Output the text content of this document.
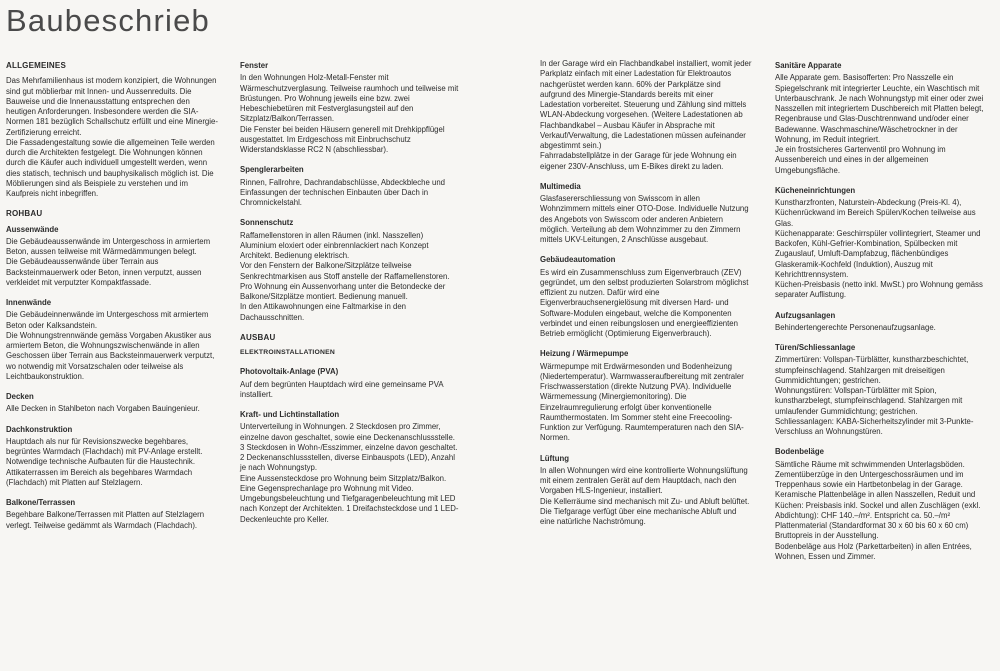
Baubeschrieb
ALLGEMEINES
Das Mehrfamilienhaus ist modern konzipiert, die Wohnungen sind gut möblierbar mit Innen- und Aussenreduits. Die Bauweise und die Innenausstattung entsprechen den heutigen Anforderungen. Insbesondere werden die SIA-Normen 181 bezüglich Schallschutz erfüllt und eine Minergie-Zertifizierung erreicht.
Die Fassadengestaltung sowie die allgemeinen Teile werden durch die Architekten festgelegt. Die Wohnungen können durch die Käufer auch individuell umgestellt werden, wenn dies statisch, technisch und bauphysikalisch möglich ist. Die Möblierungen sind als Beispiele zu verstehen und im Kaufpreis nicht inbegriffen.
ROHBAU
Aussenwände
Die Gebäudeaussenwände im Untergeschoss in armiertem Beton, aussen teilweise mit Wärmedämmungen belegt.
Die Gebäudeaussenwände über Terrain aus Backsteinmauerwerk oder Beton, innen verputzt, aussen verkleidet mit verputzter Kompaktfassade.
Innenwände
Die Gebäudeinnenwände im Untergeschoss mit armiertem Beton oder Kalksandstein.
Die Wohnungstrennwände gemäss Vorgaben Akustiker aus armiertem Beton, die Wohnungszwischenwände in allen Geschossen über Terrain aus Backsteinmauerwerk verputzt, wo notwendig mit Vorsatzschalen oder teilweise als Leichtbaukonstruktion.
Decken
Alle Decken in Stahlbeton nach Vorgaben Bauingenieur.
Dachkonstruktion
Hauptdach als nur für Revisionszwecke begehbares, begrüntes Warmdach (Flachdach) mit PV-Anlage erstellt. Notwendige technische Aufbauten für die Haustechnik. Attikaterrassen im Bereich als begehbares Warmdach (Flachdach) mit Platten auf Stelzlagern.
Balkone/Terrassen
Begehbare Balkone/Terrassen mit Platten auf Stelzlagern verlegt. Teilweise gedämmt als Warmdach (Flachdach).
Fenster
In den Wohnungen Holz-Metall-Fenster mit Wärmeschutzverglasung. Teilweise raumhoch und teilweise mit Brüstungen. Pro Wohnung jeweils eine bzw. zwei Hebeschiebetüren mit Festverglasungsteil auf den Sitzplatz/Balkon/Terrassen.
Die Fenster bei beiden Häusern generell mit Drehkippflügel ausgestattet. Im Erdgeschoss mit Einbruchschutz Widerstandsklasse RC2 N (abschliessbar).
Spenglerarbeiten
Rinnen, Fallrohre, Dachrandabschlüsse, Abdeckbleche und Einfassungen der technischen Einbauten über Dach in Chromnickelstahl.
Sonnenschutz
Raffamellenstoren in allen Räumen (inkl. Nasszellen) Aluminium eloxiert oder einbrennlackiert nach Konzept Architekt. Bedienung elektrisch.
Vor den Fenstern der Balkone/Sitzplätze teilweise Senkrechtmarkisen aus Stoff anstelle der Raffamellenstoren.
Pro Wohnung ein Aussenvorhang unter die Betondecke der Balkone/Sitzplätze montiert. Bedienung manuell.
In den Attikawohnungen eine Faltmarkise in den Dachausschnitten.
AUSBAU
ELEKTROINSTALLATIONEN
Photovoltaik-Anlage (PVA)
Auf dem begrünten Hauptdach wird eine gemeinsame PVA installiert.
Kraft- und Lichtinstallation
Unterverteilung in Wohnungen. 2 Steckdosen pro Zimmer, einzelne davon geschaltet, sowie eine Deckenanschlussstelle. 3 Steckdosen in Wohn-/Esszimmer, einzelne davon geschaltet. 2 Deckenanschlussstellen, diverse Einbauspots (LED), Anzahl je nach Wohnungstyp.
Eine Aussensteckdose pro Wohnung beim Sitzplatz/Balkon. Eine Gegensprechanlage pro Wohnung mit Video. Umgebungsbeleuchtung und Tiefgaragenbeleuchtung mit LED nach Konzept der Architekten. 1 Dreifachsteckdose und 1 LED-Deckenleuchte pro Keller.
In der Garage wird ein Flachbandkabel installiert, womit jeder Parkplatz einfach mit einer Ladestation für Elektroautos nachgerüstet werden kann. 60% der Parkplätze sind aufgrund des Minergie-Standards bereits mit einer Ladestation vorbereitet. Steuerung und Zählung sind mittels WLAN-Abdeckung vorgesehen. (Weitere Ladestationen ab Flachbandkabel – Ausbau Käufer in Absprache mit Verkauf/Verwaltung, die Ladestationen müssen aufeinander abgestimmt sein.)
Fahrradabstellplätze in der Garage für jede Wohnung ein eigener 230V-Anschluss, um E-Bikes direkt zu laden.
Multimedia
Glasfasererschliessung von Swisscom in allen Wohnzimmern mittels einer OTO-Dose. Individuelle Nutzung des Angebots von Swisscom oder anderen Anbietern möglich. Verteilung ab dem Wohnzimmer zu den Zimmern mittels UKV-Leitungen, 2 Anschlüsse ausgebaut.
Gebäudeautomation
Es wird ein Zusammenschluss zum Eigenverbrauch (ZEV) gegründet, um den selbst produzierten Solarstrom möglichst effizient zu nutzen. Dafür wird eine Eigenverbrauchsenergielösung mit diversen Hard- und Software-Modulen eingebaut, welche die Komponenten verbindet und einen reibungslosen und energieeffizienten Betrieb ermöglicht (Optimierung Eigenverbrauch).
Heizung / Wärmepumpe
Wärmepumpe mit Erdwärmesonden und Bodenheizung (Niedertemperatur). Warmwasseraufbereitung mit zentraler Frischwasserstation (direkte Nutzung PVA). Individuelle Wärmemessung (Minergiemonitoring). Die Einzelraumregulierung erfolgt über konventionelle Raumthermostaten. Im Sommer steht eine Freecooling-Funktion zur Verfügung. Raumtemperaturen nach den SIA-Normen.
Lüftung
In allen Wohnungen wird eine kontrollierte Wohnungslüftung mit einem zentralen Gerät auf dem Hauptdach, nach den Vorgaben HLS-Ingenieur, installiert.
Die Kellerräume sind mechanisch mit Zu- und Abluft belüftet. Die Tiefgarage verfügt über eine mechanische Abluft und eine natürliche Nachströmung.
Sanitäre Apparate
Alle Apparate gem. Basisofferten: Pro Nasszelle ein Spiegelschrank mit integrierter Leuchte, ein Waschtisch mit Unterbauschrank. Je nach Wohnungstyp mit einer oder zwei Nasszellen mit integriertem Duschbereich mit Platten belegt, Regenbrause und Glas-Duschtrennwand und/oder einer Badewanne. Waschmaschine/Wäschetrockner in der Wohnung, im Reduit integriert.
Je ein frostsicheres Gartenventil pro Wohnung im Aussenbereich und eines in der allgemeinen Umgebungsfläche.
Kücheneinrichtungen
Kunstharzfronten, Naturstein-Abdeckung (Preis-Kl. 4), Küchenrückwand im Bereich Spülen/Kochen teilweise aus Glas.
Küchenapparate: Geschirrspüler vollintegriert, Steamer und Backofen, Kühl-Gefrier-Kombination, Spülbecken mit Zugauslauf, Umluft-Dampfabzug, flächenbündiges Glaskeramik-Kochfeld (Induktion), Auszug mit Kehrichttrennsystem.
Küchen-Preisbasis (netto inkl. MwSt.) pro Wohnung gemäss separater Auflistung.
Aufzugsanlagen
Behindertengerechte Personenaufzugsanlage.
Türen/Schliessanlage
Zimmertüren: Vollspan-Türblätter, kunstharzbeschichtet, stumpfeinschlagend. Stahlzargen mit dreiseitigen Gummidichtungen; gestrichen.
Wohnungstüren: Vollspan-Türblätter mit Spion, kunstharzbelegt, stumpfeinschlagend. Stahlzargen mit umlaufender Gummidichtung; gestrichen.
Schliessanlagen: KABA-Sicherheitszylinder mit 3-Punkte-Verschluss an Wohnungstüren.
Bodenbeläge
Sämtliche Räume mit schwimmenden Unterlagsböden. Zementüberzüge in den Untergeschossräumen und im Treppenhaus sowie ein Hartbetonbelag in der Garage.
Keramische Plattenbeläge in allen Nasszellen, Reduit und Küchen: Preisbasis inkl. Sockel und allen Zuschlägen (exkl. Abdichtung): CHF 140.–/m². Entspricht ca. 50.–/m² Plattenmaterial (Standardformat 30 x 60 bis 60 x 60 cm) Bruttopreis in der Ausstellung.
Bodenbeläge aus Holz (Parkettarbeiten) in allen Entrées, Wohnen, Essen und Zimmer.
